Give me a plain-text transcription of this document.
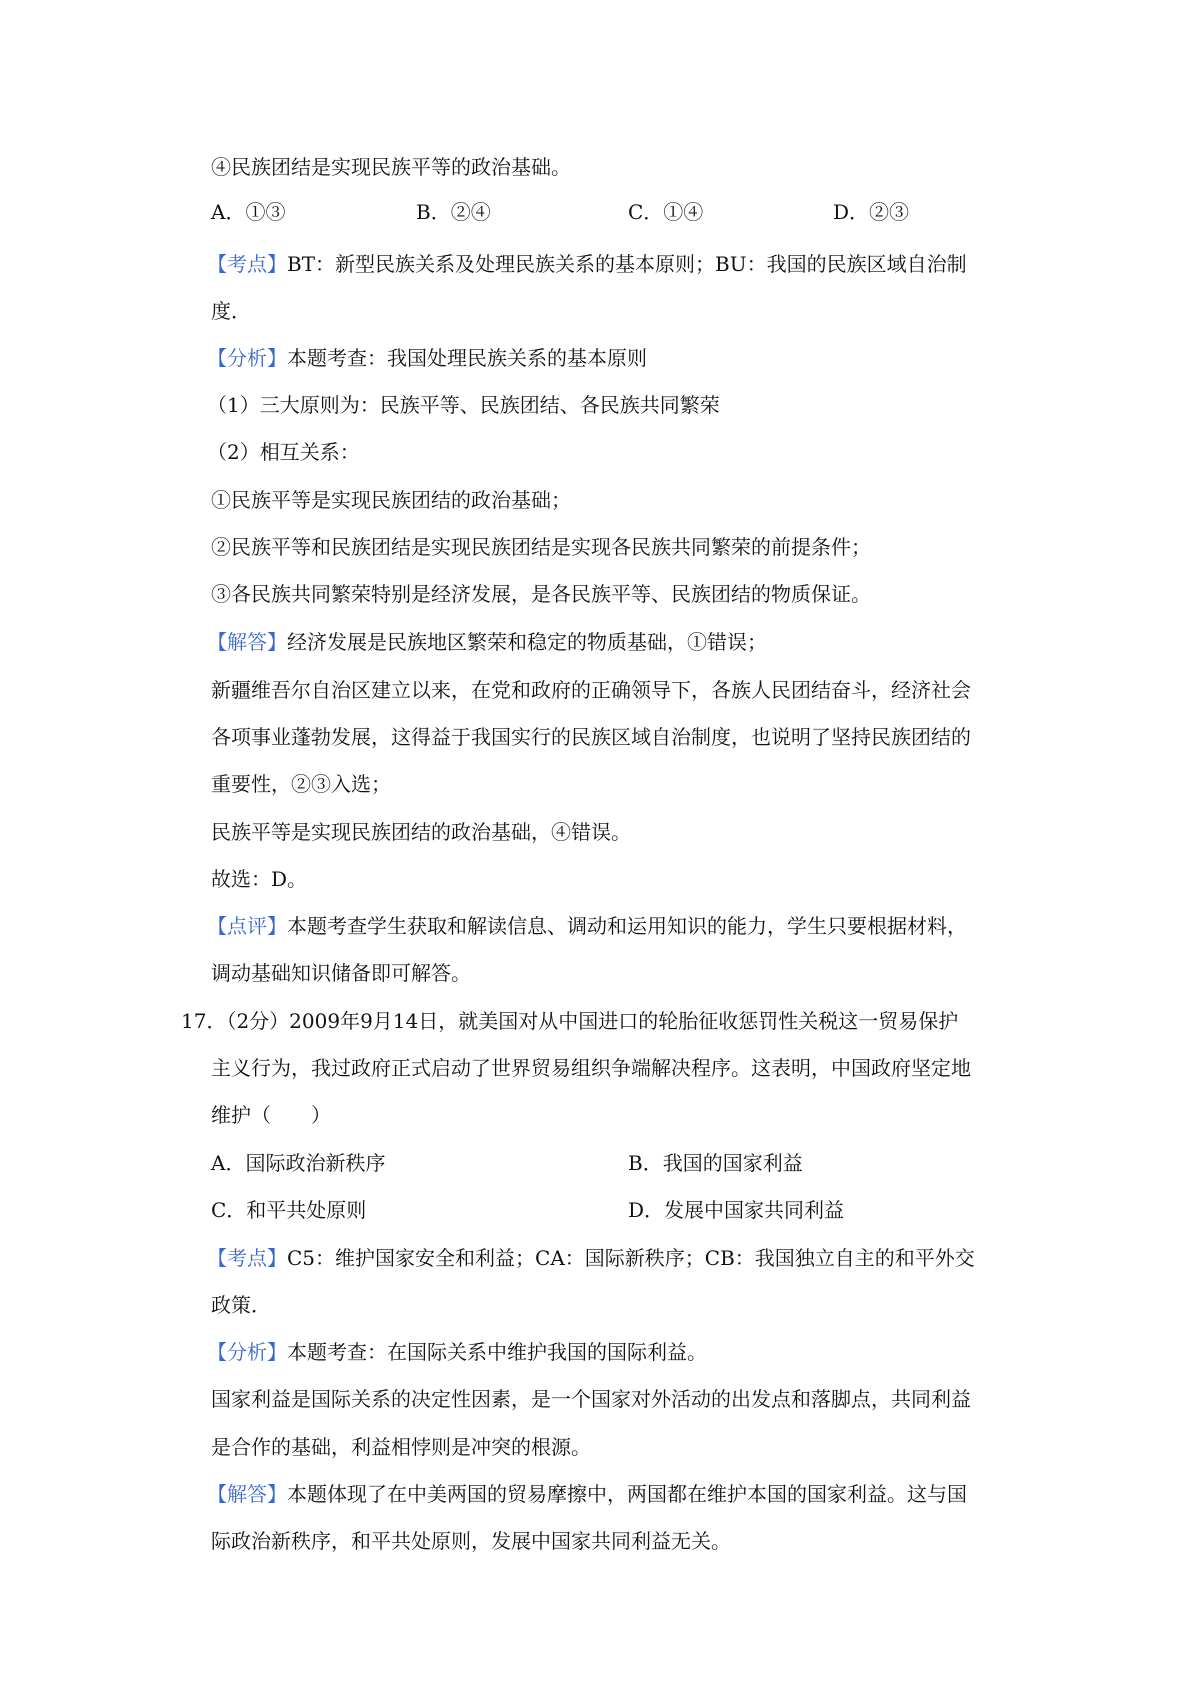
④民族团结是实现民族平等的政治基础。
A．①③	B．②④	C．①④	D．②③
【考点】BT：新型民族关系及处理民族关系的基本原则；BU：我国的民族区域自治制
度．
【分析】本题考查：我国处理民族关系的基本原则
（1）三大原则为：民族平等、民族团结、各民族共同繁荣
（2）相互关系：
①民族平等是实现民族团结的政治基础；
②民族平等和民族团结是实现民族团结是实现各民族共同繁荣的前提条件；
③各民族共同繁荣特别是经济发展，是各民族平等、民族团结的物质保证。
【解答】经济发展是民族地区繁荣和稳定的物质基础，①错误；
新疆维吾尔自治区建立以来，在党和政府的正确领导下，各族人民团结奋斗，经济社会
各项事业蓬勃发展，这得益于我国实行的民族区域自治制度，也说明了坚持民族团结的
重要性，②③入选；
民族平等是实现民族团结的政治基础，④错误。
故选：D。
【点评】本题考查学生获取和解读信息、调动和运用知识的能力，学生只要根据材料，
调动基础知识储备即可解答。
17．（2分）2009年9月14日，就美国对从中国进口的轮胎征收惩罚性关税这一贸易保护
主义行为，我过政府正式启动了世界贸易组织争端解决程序。这表明，中国政府坚定地
维护（　　）
A．国际政治新秩序	B．我国的国家利益
C．和平共处原则	D．发展中国家共同利益
【考点】C5：维护国家安全和利益；CA：国际新秩序；CB：我国独立自主的和平外交
政策．
【分析】本题考查：在国际关系中维护我国的国际利益。
国家利益是国际关系的决定性因素，是一个国家对外活动的出发点和落脚点，共同利益
是合作的基础，利益相悖则是冲突的根源。
【解答】本题体现了在中美两国的贸易摩擦中，两国都在维护本国的国家利益。这与国
际政治新秩序，和平共处原则，发展中国家共同利益无关。
